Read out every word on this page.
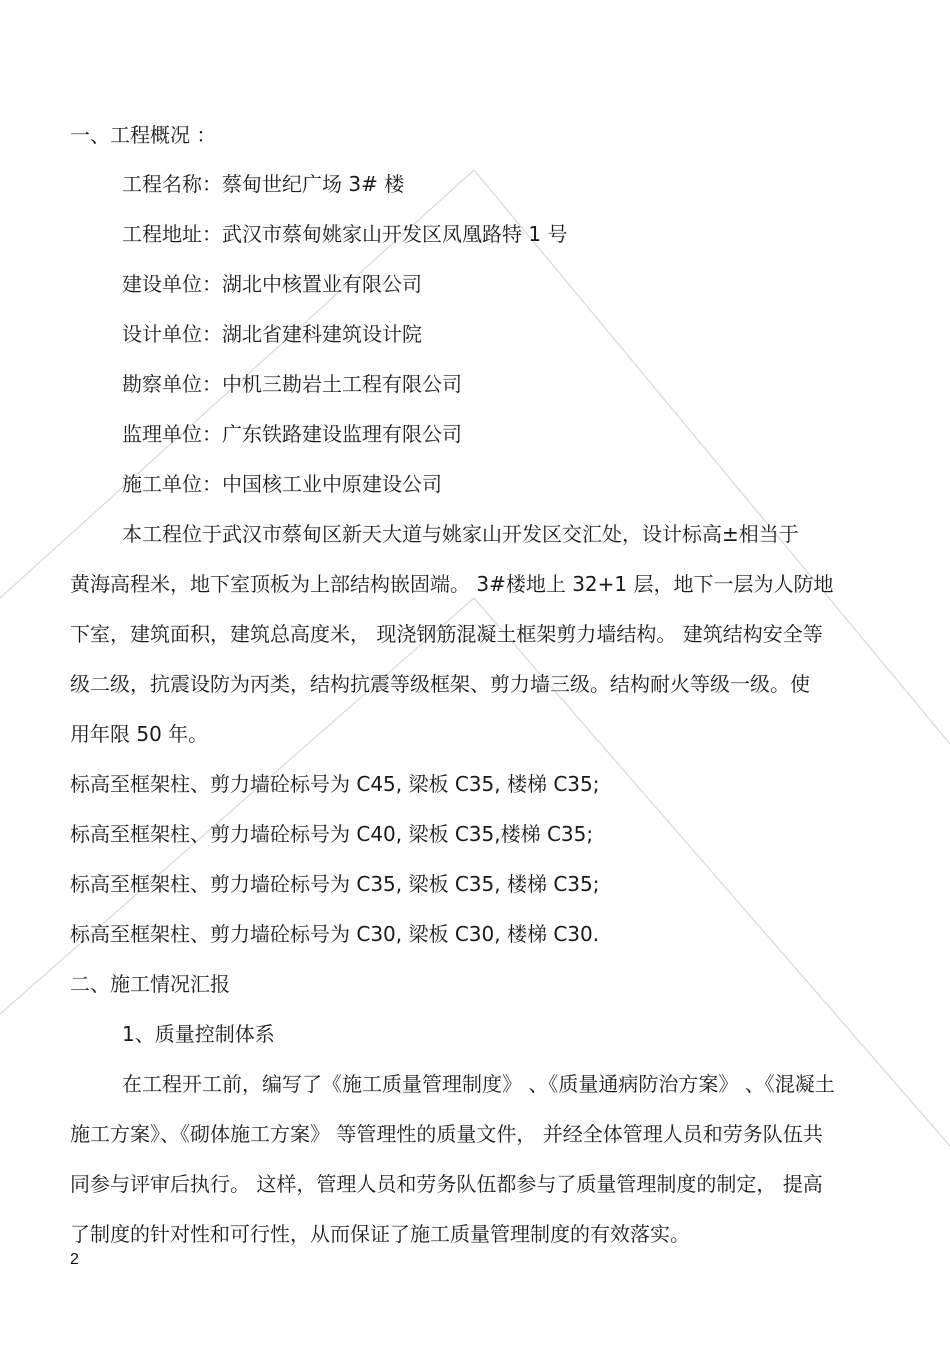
一、工程概况 ：
工程名称：蔡甸世纪广场 3# 楼
工程地址：武汉市蔡甸姚家山开发区凤凰路特 1 号
建设单位：湖北中核置业有限公司
设计单位：湖北省建科建筑设计院
勘察单位：中机三勘岩土工程有限公司
监理单位：广东铁路建设监理有限公司
施工单位：中国核工业中原建设公司
本工程位于武汉市蔡甸区新天大道与姚家山开发区交汇处，设计标高±相当于
黄海高程米，地下室顶板为上部结构嵌固端。 3#楼地上 32+1 层，地下一层为人防地
下室，建筑面积，建筑总高度米， 现浇钢筋混凝土框架剪力墙结构。 建筑结构安全等
级二级，抗震设防为丙类，结构抗震等级框架、剪力墙三级。结构耐火等级一级。使
用年限 50 年。
标高至框架柱、剪力墙砼标号为 C45, 梁板 C35, 楼梯 C35;
标高至框架柱、剪力墙砼标号为 C40, 梁板 C35,楼梯 C35;
标高至框架柱、剪力墙砼标号为 C35, 梁板 C35, 楼梯 C35;
标高至框架柱、剪力墙砼标号为 C30, 梁板 C30, 楼梯 C30.
二、施工情况汇报
1、质量控制体系
在工程开工前，编写了《施工质量管理制度》 、《质量通病防治方案》 、《混凝土
施工方案》、《砌体施工方案》 等管理性的质量文件， 并经全体管理人员和劳务队伍共
同参与评审后执行。 这样，管理人员和劳务队伍都参与了质量管理制度的制定， 提高
了制度的针对性和可行性，从而保证了施工质量管理制度的有效落实。
2
